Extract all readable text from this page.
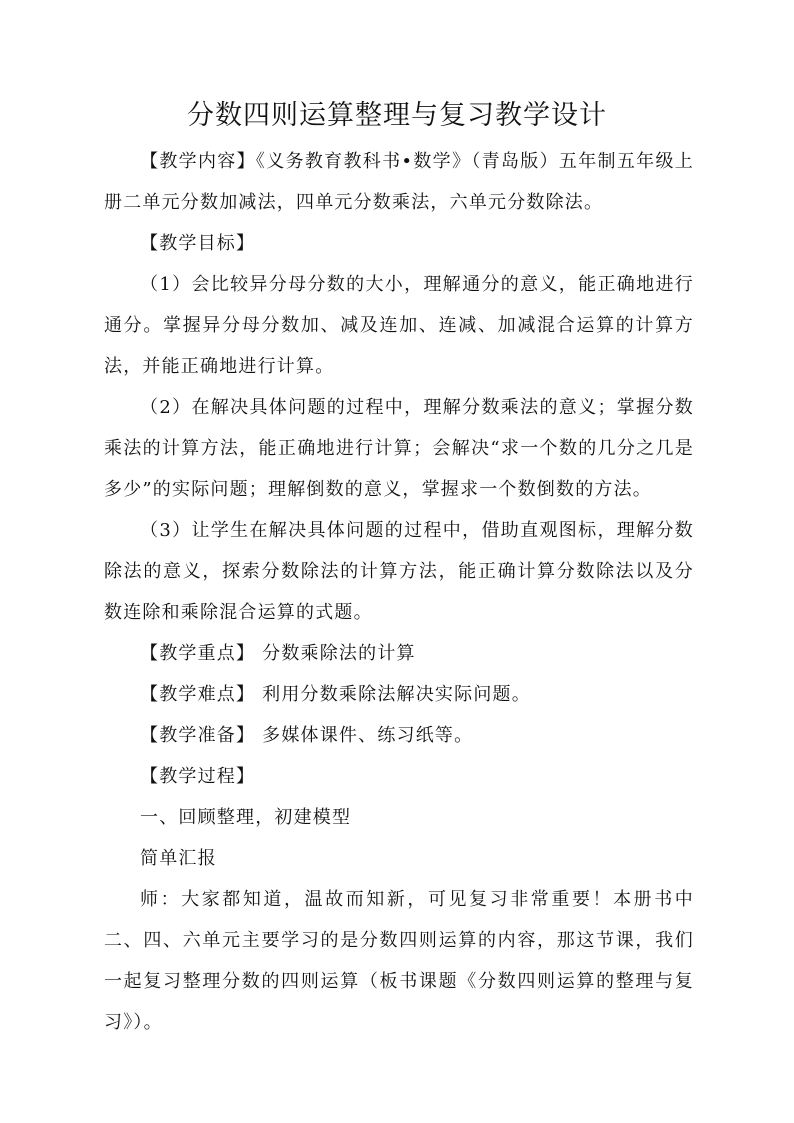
分数四则运算整理与复习教学设计

【教学内容】《义务教育教科书•数学》（青岛版）五年制五年级上册二单元分数加减法，四单元分数乘法，六单元分数除法。

【教学目标】

（1）会比较异分母分数的大小，理解通分的意义，能正确地进行通分。掌握异分母分数加、减及连加、连减、加减混合运算的计算方法，并能正确地进行计算。

（2）在解决具体问题的过程中，理解分数乘法的意义；掌握分数乘法的计算方法，能正确地进行计算；会解决“求一个数的几分之几是多少”的实际问题；理解倒数的意义，掌握求一个数倒数的方法。

（3）让学生在解决具体问题的过程中，借助直观图标，理解分数除法的意义，探索分数除法的计算方法，能正确计算分数除法以及分数连除和乘除混合运算的式题。

【教学重点】 分数乘除法的计算

【教学难点】 利用分数乘除法解决实际问题。

【教学准备】 多媒体课件、练习纸等。

【教学过程】

一、回顾整理，初建模型

简单汇报

师：大家都知道，温故而知新，可见复习非常重要！本册书中二、四、六单元主要学习的是分数四则运算的内容，那这节课，我们一起复习整理分数的四则运算（板书课题《分数四则运算的整理与复习》）。
